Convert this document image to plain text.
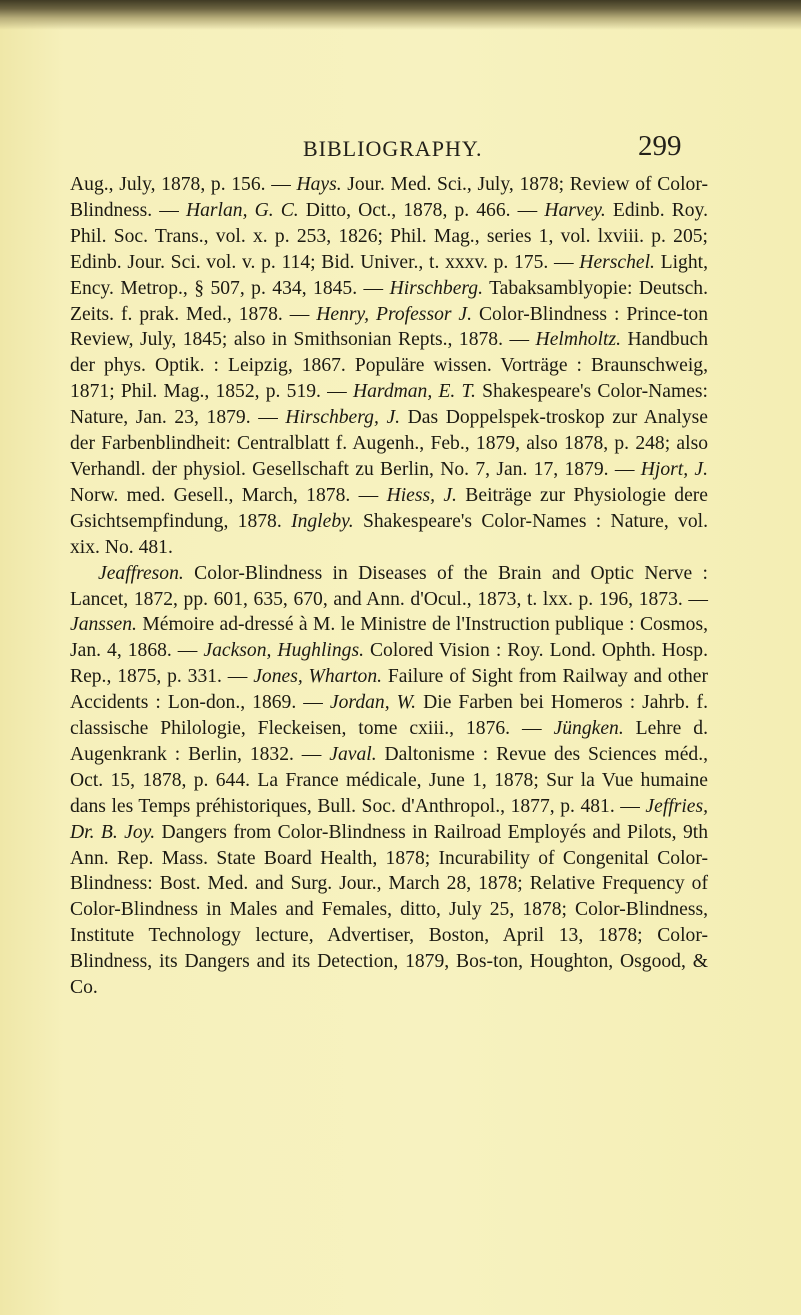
BIBLIOGRAPHY.	299

Aug., July, 1878, p. 156. — Hays. Jour. Med. Sci., July, 1878; Review of Color-Blindness. — Harlan, G. C. Ditto, Oct., 1878, p. 466. — Harvey. Edinb. Roy. Phil. Soc. Trans., vol. x. p. 253, 1826; Phil. Mag., series 1, vol. lxviii. p. 205; Edinb. Jour. Sci. vol. v. p. 114; Bid. Univer., t. xxxv. p. 175. — Herschel. Light, Ency. Metrop., § 507, p. 434, 1845. — Hirschberg. Tabaksamblyopie: Deutsch. Zeits. f. prak. Med., 1878. — Henry, Professor J. Color-Blindness : Prince-ton Review, July, 1845; also in Smithsonian Repts., 1878. — Helmholtz. Handbuch der phys. Optik. : Leipzig, 1867. Populäre wissen. Vorträge : Braunschweig, 1871; Phil. Mag., 1852, p. 519. — Hardman, E. T. Shakespeare's Color-Names: Nature, Jan. 23, 1879. — Hirschberg, J. Das Doppelspek-troskop zur Analyse der Farbenblindheit: Centralblatt f. Augenh., Feb., 1879, also 1878, p. 248; also Verhandl. der physiol. Gesellschaft zu Berlin, No. 7, Jan. 17, 1879. — Hjort, J. Norw. med. Gesell., March, 1878. — Hiess, J. Beiträge zur Physiologie dere Gsichtsempfindung, 1878. Ingleby. Shakespeare's Color-Names : Nature, vol. xix. No. 481.

Jeaffreson. Color-Blindness in Diseases of the Brain and Optic Nerve : Lancet, 1872, pp. 601, 635, 670, and Ann. d'Ocul., 1873, t. lxx. p. 196, 1873. — Janssen. Mémoire ad-dressé à M. le Ministre de l'Instruction publique : Cosmos, Jan. 4, 1868. — Jackson, Hughlings. Colored Vision : Roy. Lond. Ophth. Hosp. Rep., 1875, p. 331. — Jones, Wharton. Failure of Sight from Railway and other Accidents : Lon-don., 1869. — Jordan, W. Die Farben bei Homeros : Jahrb. f. classische Philologie, Fleckeisen, tome cxiii., 1876. — Jüngken. Lehre d. Augenkrank : Berlin, 1832. — Javal. Daltonisme : Revue des Sciences méd., Oct. 15, 1878, p. 644. La France médicale, June 1, 1878; Sur la Vue humaine dans les Temps préhistoriques, Bull. Soc. d'Anthropol., 1877, p. 481. — Jeffries, Dr. B. Joy. Dangers from Color-Blindness in Railroad Employés and Pilots, 9th Ann. Rep. Mass. State Board Health, 1878; Incurability of Congenital Color-Blindness: Bost. Med. and Surg. Jour., March 28, 1878; Relative Frequency of Color-Blindness in Males and Females, ditto, July 25, 1878; Color-Blindness, Institute Technology lecture, Advertiser, Boston, April 13, 1878; Color-Blindness, its Dangers and its Detection, 1879, Bos-ton, Houghton, Osgood, & Co.
